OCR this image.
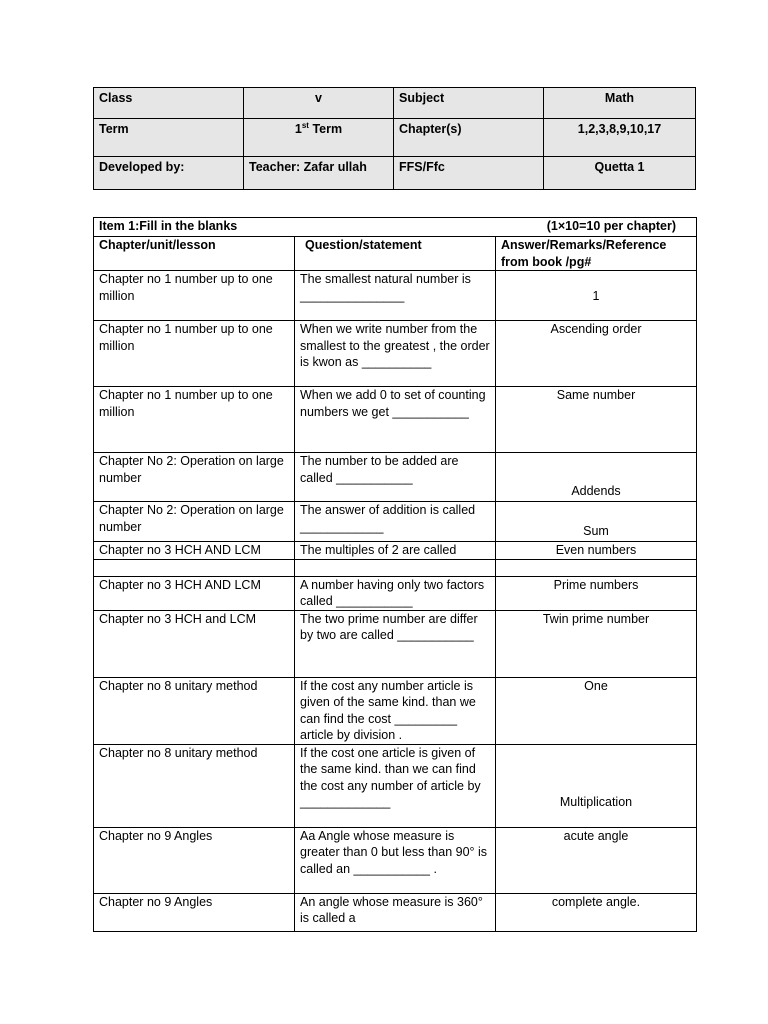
Class	v	Subject	Math
Term	1st Term	Chapter(s)	1,2,3,8,9,10,17
Developed by:	Teacher: Zafar ullah	FFS/Ffc	Quetta 1
Item 1:Fill in the blanks (1×10=10 per chapter)		

Chapter/unit/lesson	Question/statement	Answer/Remarks/Reference from book /pg#
Chapter no 1 number up to one million	The smallest natural number is _______________	1
Chapter no 1 number up to one million	When we write number from the smallest to the greatest , the order is kwon as __________	Ascending order
Chapter no 1 number up to one million	When we add 0 to set of counting numbers we get ___________	Same number
Chapter No 2: Operation on large number	The number to be added are called ___________	Addends
Chapter No 2: Operation on large number	The answer of addition is called ____________	Sum
Chapter no 3 HCH AND LCM	The multiples of 2 are called	Even numbers

Chapter no 3 HCH AND LCM	A number having only two factors called ___________	Prime numbers
Chapter no 3 HCH and LCM	The two prime number are differ by two are called ___________	Twin prime number
Chapter no 8 unitary method	If the cost any number article is given of the same kind. than we can find the cost _________ article by division .	One
Chapter no 8 unitary method	If the cost one article is given of the same kind. than we can find the cost any number of article by _____________	Multiplication
Chapter no 9 Angles	Aa Angle whose measure is greater than 0 but less than 90° is called an ___________ .	acute angle
Chapter no 9 Angles	An angle whose measure is 360° is called a	complete angle.
